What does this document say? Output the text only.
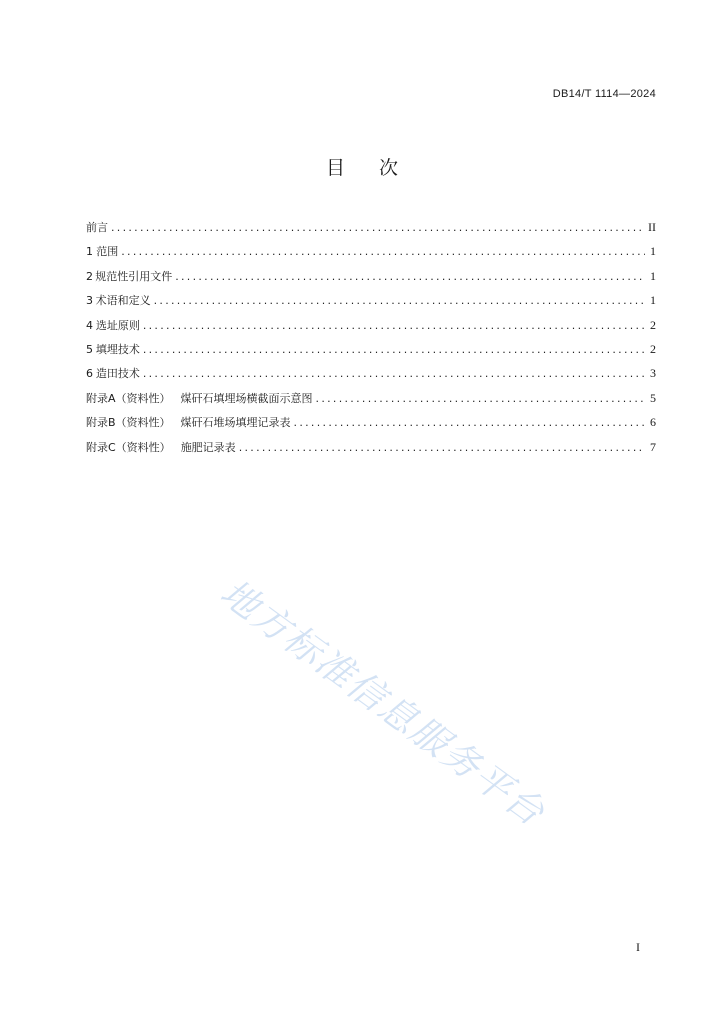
DB14/T 1114—2024
目 次
前言 .....	II
1 范围 .....	1
2 规范性引用文件 .....	1
3 术语和定义 .....	1
4 选址原则 .....	2
5 填埋技术 .....	2
6 造田技术 .....	3
附录A（资料性） 煤矸石填埋场横截面示意图 .....	5
附录B（资料性） 煤矸石堆场填埋记录表 .....	6
附录C（资料性） 施肥记录表 .....	7
地方标准信息服务平台
I
